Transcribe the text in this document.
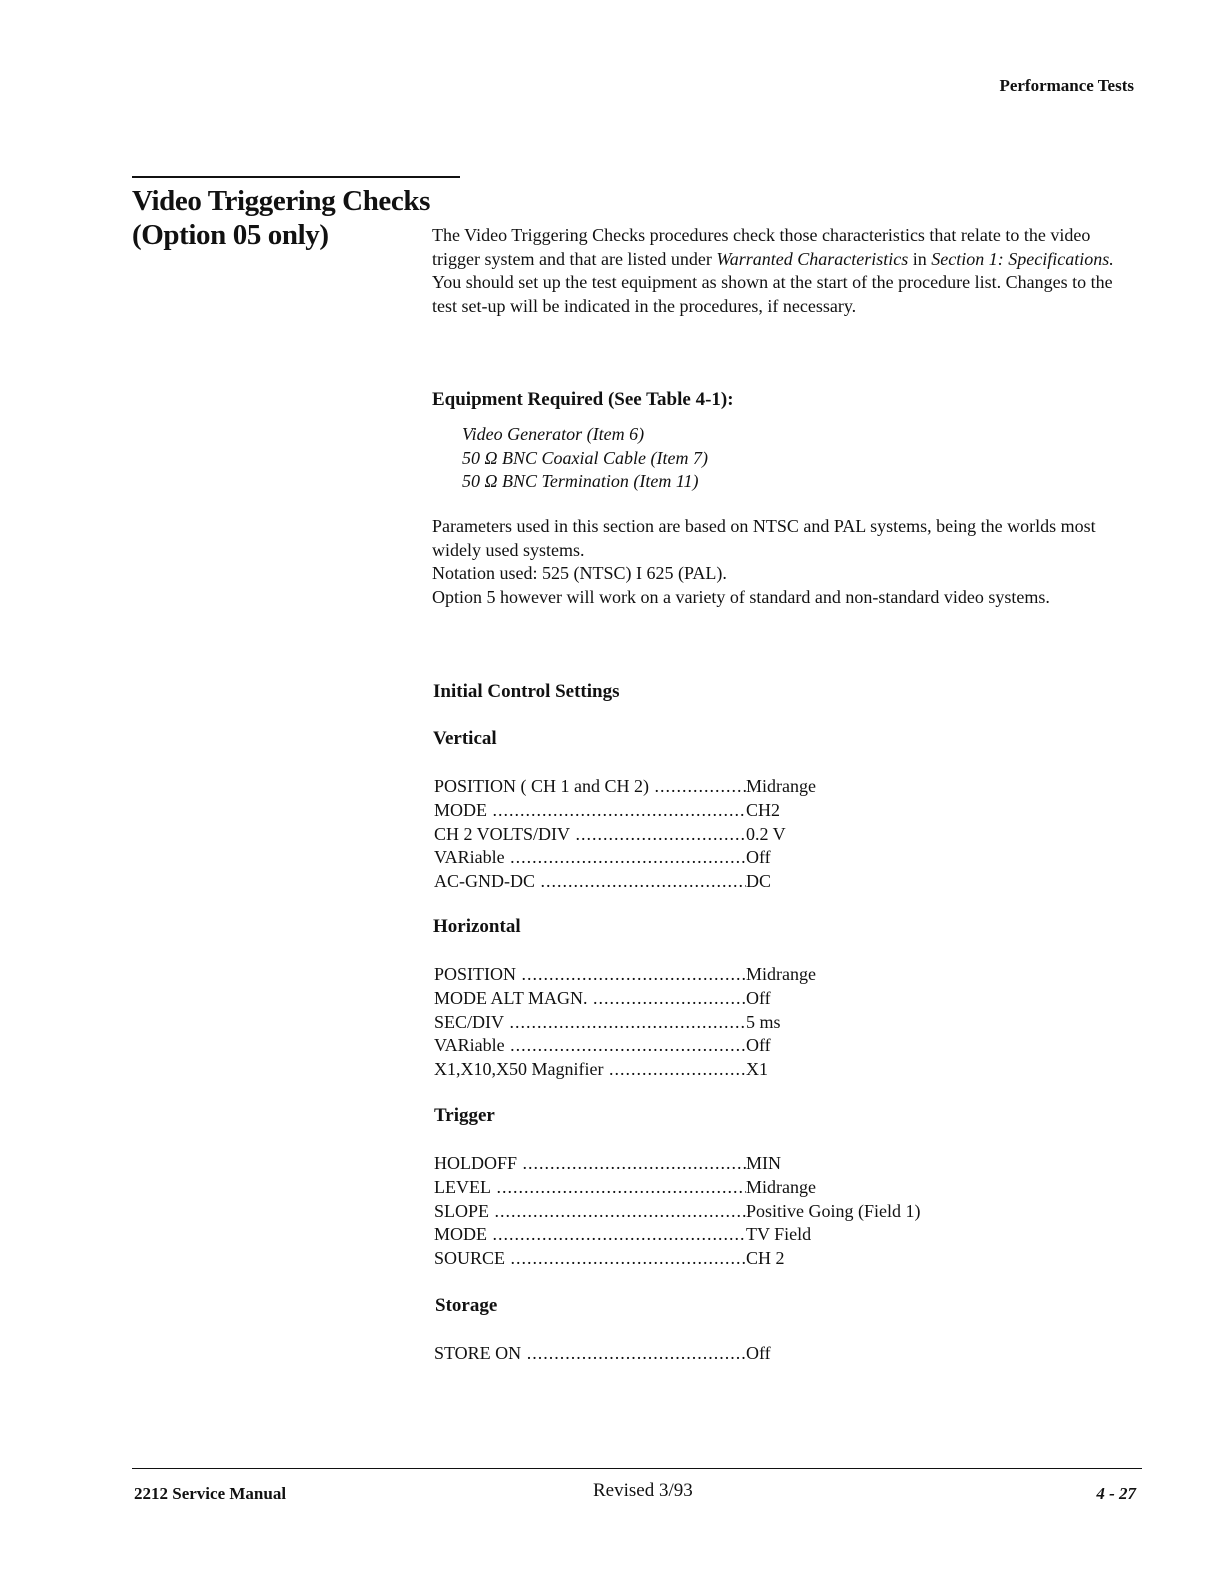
Performance Tests
Video Triggering Checks
(Option 05 only)	The Video Triggering Checks procedures check those characteristics that relate to the video trigger system and that are listed under Warranted Characteristics in Section 1: Specifications. You should set up the test equipment as shown at the start of the procedure list. Changes to the test set-up will be indicated in the procedures, if necessary.
Equipment Required (See Table 4-1):
Video Generator (Item 6)
50 Ω BNC Coaxial Cable (Item 7)
50 Ω BNC Termination (Item 11)
Parameters used in this section are based on NTSC and PAL systems, being the worlds most widely used systems.
Notation used: 525 (NTSC) I 625 (PAL).
Option 5 however will work on a variety of standard and non-standard video systems.
Initial Control Settings
Vertical
POSITION ( CH 1 and CH 2) .....	Midrange
MODE .....	CH2
CH 2 VOLTS/DIV .....	0.2 V
VARiable .....	Off
AC-GND-DC .....	DC
Horizontal
POSITION .....	Midrange
MODE ALT MAGN. .....	Off
SEC/DIV .....	5 ms
VARiable .....	Off
X1,X10,X50 Magnifier .....	X1
Trigger
HOLDOFF .....	MIN
LEVEL .....	Midrange
SLOPE .....	Positive Going (Field 1)
MODE .....	TV Field
SOURCE .....	CH 2
Storage
STORE ON .....	Off
2212 Service Manual	Revised 3/93	4 - 27
